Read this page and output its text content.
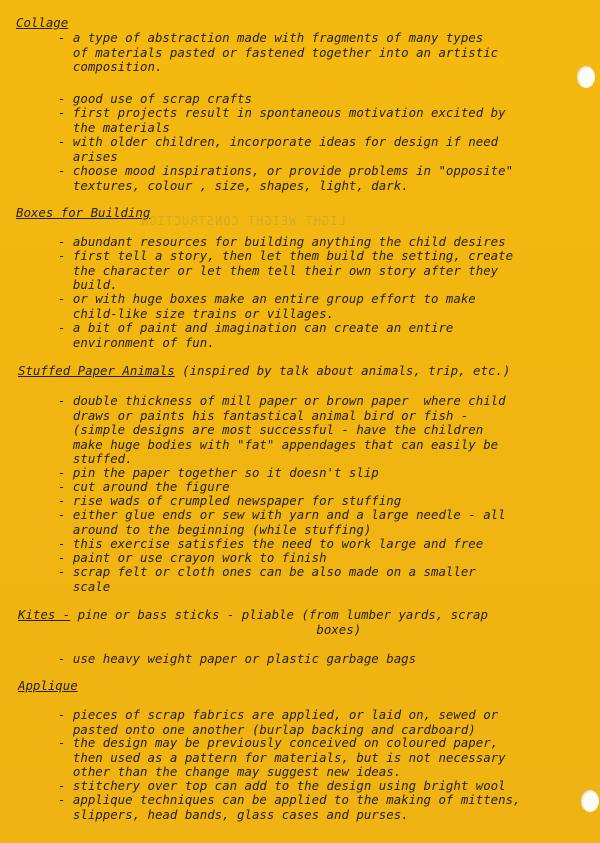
LIGHT WEIGHT CONSTRUCTION
Collage
- a type of abstraction made with fragments of many types
of materials pasted or fastened together into an artistic
composition.
- good use of scrap crafts
- first projects result in spontaneous motivation excited by
the materials
- with older children, incorporate ideas for design if need
arises
- choose mood inspirations, or provide problems in "opposite"
textures, colour , size, shapes, light, dark.
Boxes for Building
- abundant resources for building anything the child desires
- first tell a story, then let them build the setting, create
the character or let them tell their own story after they
build.
- or with huge boxes make an entire group effort to make
child-like size trains or villages.
- a bit of paint and imagination can create an entire
environment of fun.
Stuffed Paper Animals (inspired by talk about animals, trip, etc.)
- double thickness of mill paper or brown paper  where child
draws or paints his fantastical animal bird or fish -
(simple designs are most successful - have the children
make huge bodies with "fat" appendages that can easily be
stuffed.
- pin the paper together so it doesn't slip
- cut around the figure
- rise wads of crumpled newspaper for stuffing
- either glue ends or sew with yarn and a large needle - all
around to the beginning (while stuffing)
- this exercise satisfies the need to work large and free
- paint or use crayon work to finish
- scrap felt or cloth ones can be also made on a smaller
scale
Kites - pine or bass sticks - pliable (from lumber yards, scrap
boxes)
- use heavy weight paper or plastic garbage bags
Applique
- pieces of scrap fabrics are applied, or laid on, sewed or
pasted onto one another (burlap backing and cardboard)
- the design may be previously conceived on coloured paper,
then used as a pattern for materials, but is not necessary
other than the change may suggest new ideas.
- stitchery over top can add to the design using bright wool
- applique techniques can be applied to the making of mittens,
slippers, head bands, glass cases and purses.
